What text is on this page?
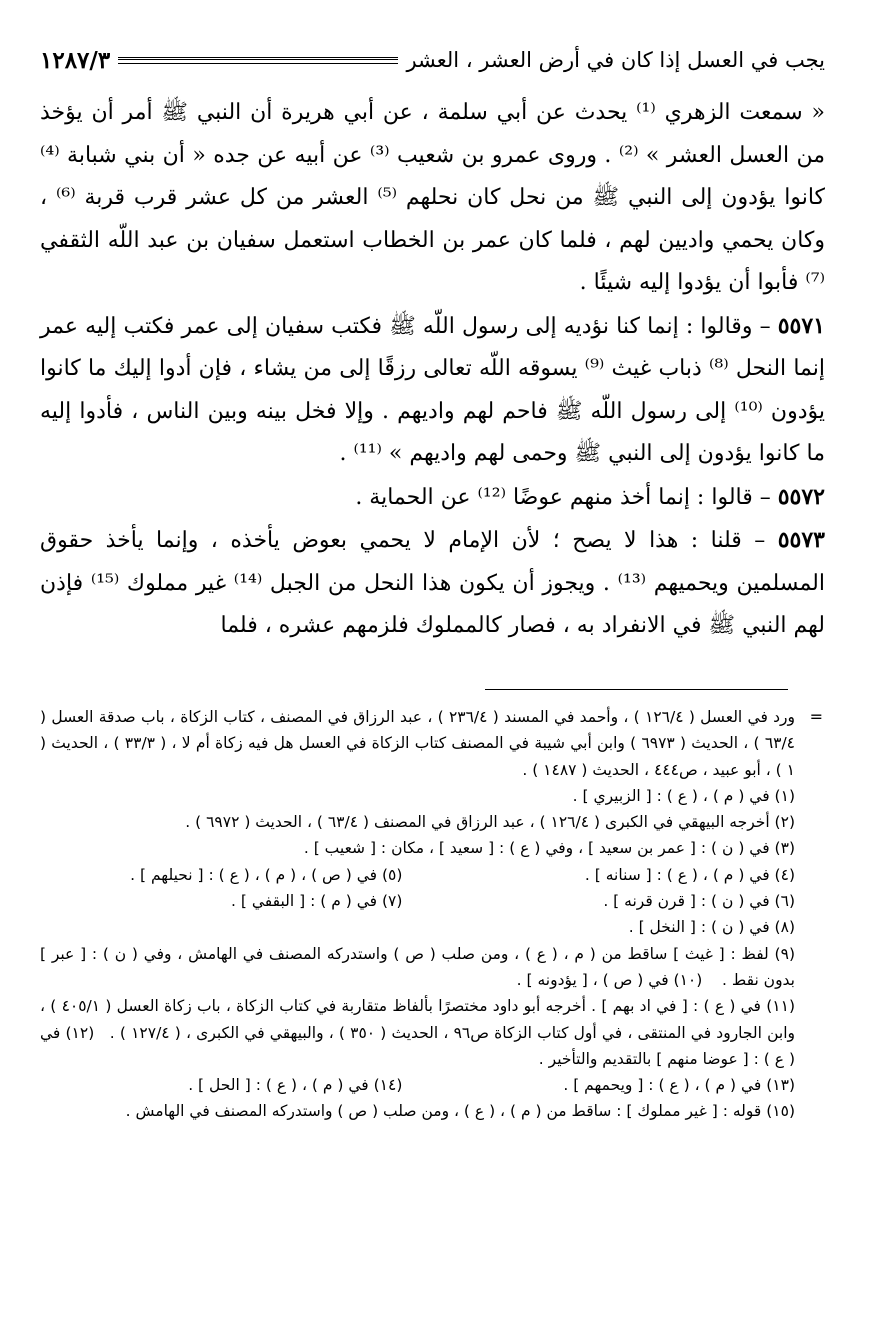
يجب في العسل إذا كان في أرض العشر ، العشر
١٢٨٧/٣

« سمعت الزهري ⁽¹⁾ يحدث عن أبي سلمة ، عن أبي هريرة أن النبي ﷺ أمر أن يؤخذ من العسل العشر » ⁽²⁾ . وروى عمرو بن شعيب ⁽³⁾ عن أبيه عن جده « أن بني شبابة ⁽⁴⁾ كانوا يؤدون إلى النبي ﷺ من نحل كان نحلهم ⁽⁵⁾ العشر من كل عشر قرب قربة ⁽⁶⁾ ، وكان يحمي واديين لهم ، فلما كان عمر بن الخطاب استعمل سفيان بن عبد اللّه الثقفي ⁽⁷⁾ فأبوا أن يؤدوا إليه شيئًا .

٥٥٧١ – وقالوا : إنما كنا نؤديه إلى رسول اللّه ﷺ فكتب سفيان إلى عمر فكتب إليه عمر إنما النحل ⁽⁸⁾ ذباب غيث ⁽⁹⁾ يسوقه اللّه تعالى رزقًا إلى من يشاء ، فإن أدوا إليك ما كانوا يؤدون ⁽¹⁰⁾ إلى رسول اللّه ﷺ فاحم لهم واديهم . وإلا فخل بينه وبين الناس ، فأدوا إليه ما كانوا يؤدون إلى النبي ﷺ وحمى لهم واديهم » ⁽¹¹⁾ .

٥٥٧٢ – قالوا : إنما أخذ منهم عوضًا ⁽¹²⁾ عن الحماية .

٥٥٧٣ – قلنا : هذا لا يصح ؛ لأن الإمام لا يحمي بعوض يأخذه ، وإنما يأخذ حقوق المسلمين ويحميهم ⁽¹³⁾ . ويجوز أن يكون هذا النحل من الجبل ⁽¹⁴⁾ غير مملوك ⁽¹⁵⁾ فإذن لهم النبي ﷺ في الانفراد به ، فصار كالمملوك فلزمهم عشره ، فلما

=
ورد في العسل ( ١٢٦/٤ ) ، وأحمد في المسند ( ٢٣٦/٤ ) ، عبد الرزاق في المصنف ، كتاب الزكاة ، باب صدقة العسل ( ٦٣/٤ ) ، الحديث ( ٦٩٧٣ ) وابن أبي شيبة في المصنف كتاب الزكاة في العسل هل فيه زكاة أم لا ، ( ٣٣/٣ ) ، الحديث ( ١ ) ، أبو عبيد ، ص٤٤٤ ، الحديث ( ١٤٨٧ ) .
(١) في ( م ) ، ( ع ) : [ الزبيري ] .
(٢) أخرجه البيهقي في الكبرى ( ١٢٦/٤ ) ، عبد الرزاق في المصنف ( ٦٣/٤ ) ، الحديث ( ٦٩٧٢ ) .
(٣) في ( ن ) : [ عمر بن سعيد ] ، وفي ( ع ) : [ سعيد ] ، مكان : [ شعيب ] .
(٤) في ( م ) ، ( ع ) : [ سنانه ] .
(٥) في ( ص ) ، ( م ) ، ( ع ) : [ نحيلهم ] .
(٦) في ( ن ) : [ قرن قرنه ] .
(٧) في ( م ) : [ البقفي ] .
(٨) في ( ن ) : [ النخل ] .
(٩) لفظ : [ غيث ] ساقط من ( م ، ( ع ) ، ومن صلب ( ص ) واستدركه المصنف في الهامش ، وفي ( ن ) : [ عبر ] بدون نقط .    (١٠) في ( ص ) ، [ يؤدونه ] .
(١١) في ( ع ) : [ في اد بهم ] . أخرجه أبو داود مختصرًا بألفاظ متقاربة في كتاب الزكاة ، باب زكاة العسل ( ٤٠٥/١ ) ، وابن الجارود في المنتقى ، في أول كتاب الزكاة ص٩٦ ، الحديث ( ٣٥٠ ) ، والبيهقي في الكبرى ، ( ١٢٧/٤ ) .   (١٢) في ( ع ) : [ عوضا منهم ] بالتقديم والتأخير .
(١٣) في ( م ) ، ( ع ) : [ ويحمهم ] .
(١٤) في ( م ) ، ( ع ) : [ الحل ] .
(١٥) قوله : [ غير مملوك ] : ساقط من ( م ) ، ( ع ) ، ومن صلب ( ص ) واستدركه المصنف في الهامش .
